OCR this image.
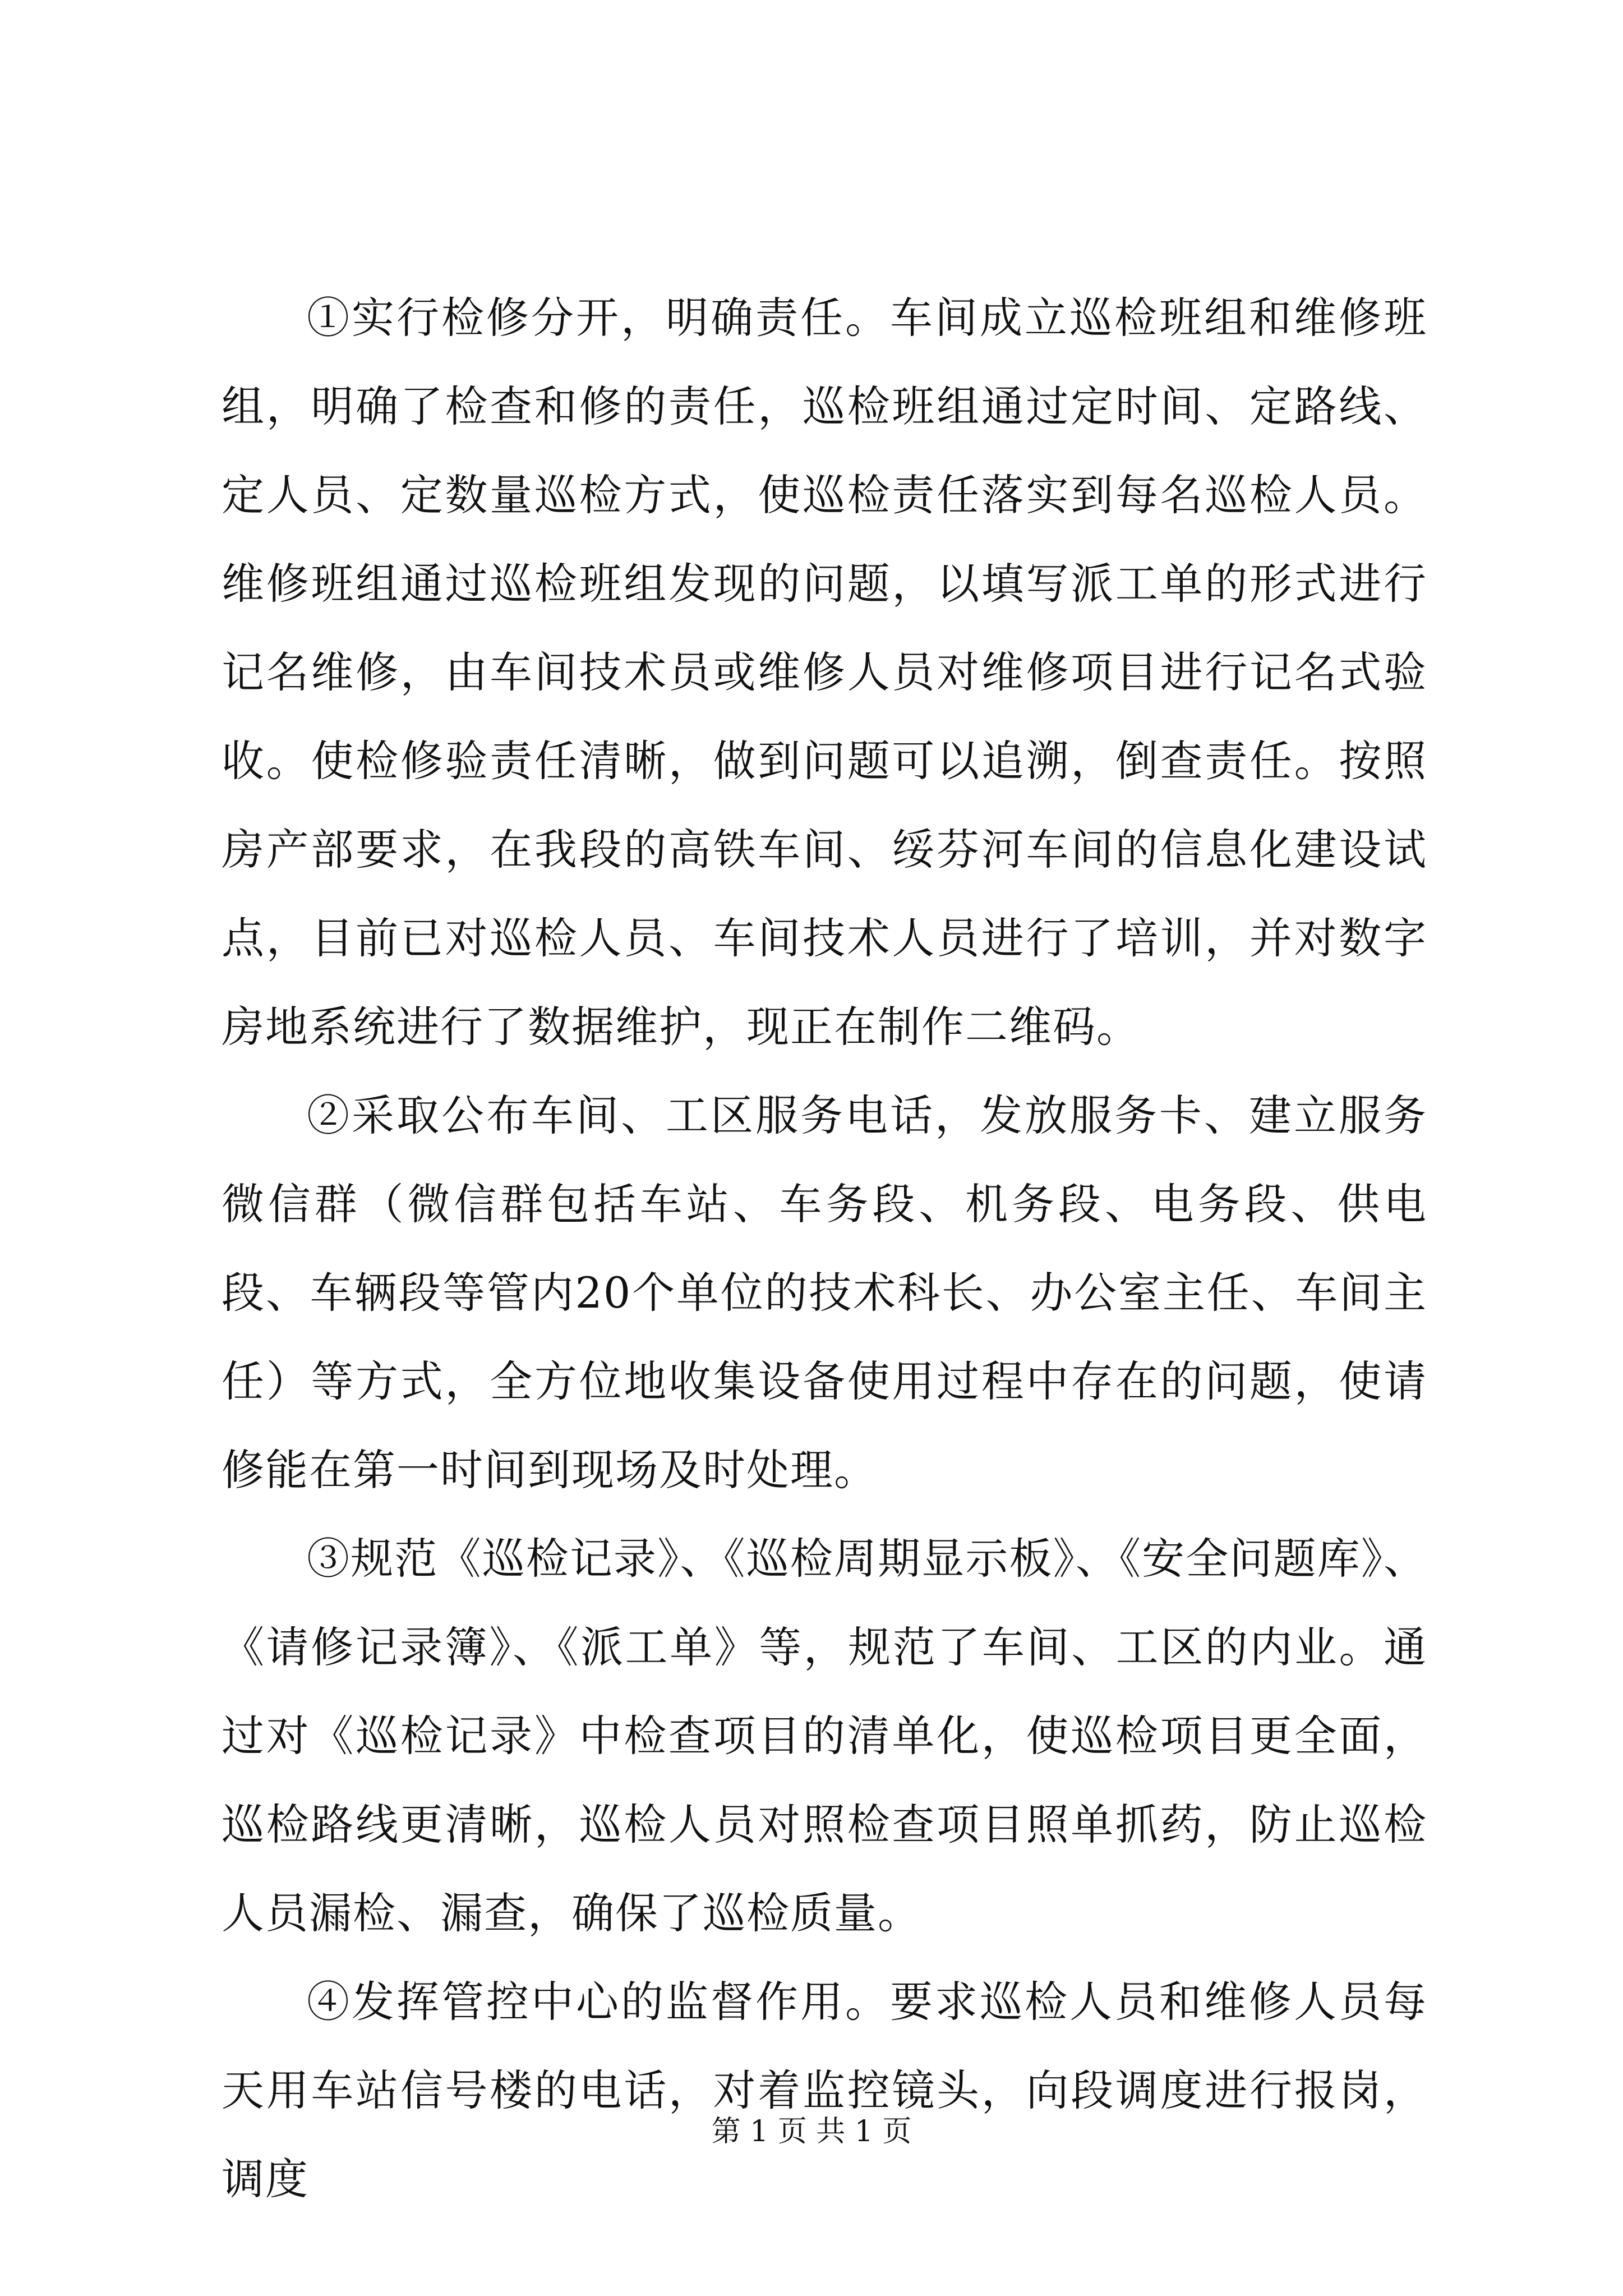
①实行检修分开，明确责任。车间成立巡检班组和维修班组，明确了检查和修的责任，巡检班组通过定时间、定路线、定人员、定数量巡检方式，使巡检责任落实到每名巡检人员。维修班组通过巡检班组发现的问题，以填写派工单的形式进行记名维修，由车间技术员或维修人员对维修项目进行记名式验收。使检修验责任清晰，做到问题可以追溯，倒查责任。按照房产部要求，在我段的高铁车间、绥芬河车间的信息化建设试点，目前已对巡检人员、车间技术人员进行了培训，并对数字房地系统进行了数据维护，现正在制作二维码。

②采取公布车间、工区服务电话，发放服务卡、建立服务微信群（微信群包括车站、车务段、机务段、电务段、供电段、车辆段等管内20个单位的技术科长、办公室主任、车间主任）等方式，全方位地收集设备使用过程中存在的问题，使请修能在第一时间到现场及时处理。

③规范《巡检记录》、《巡检周期显示板》、《安全问题库》、《请修记录簿》、《派工单》等，规范了车间、工区的内业。通过对《巡检记录》中检查项目的清单化，使巡检项目更全面，巡检路线更清晰，巡检人员对照检查项目照单抓药，防止巡检人员漏检、漏查，确保了巡检质量。

④发挥管控中心的监督作用。要求巡检人员和维修人员每天用车站信号楼的电话，对着监控镜头，向段调度进行报岗，调度

第 1 页 共 1 页
